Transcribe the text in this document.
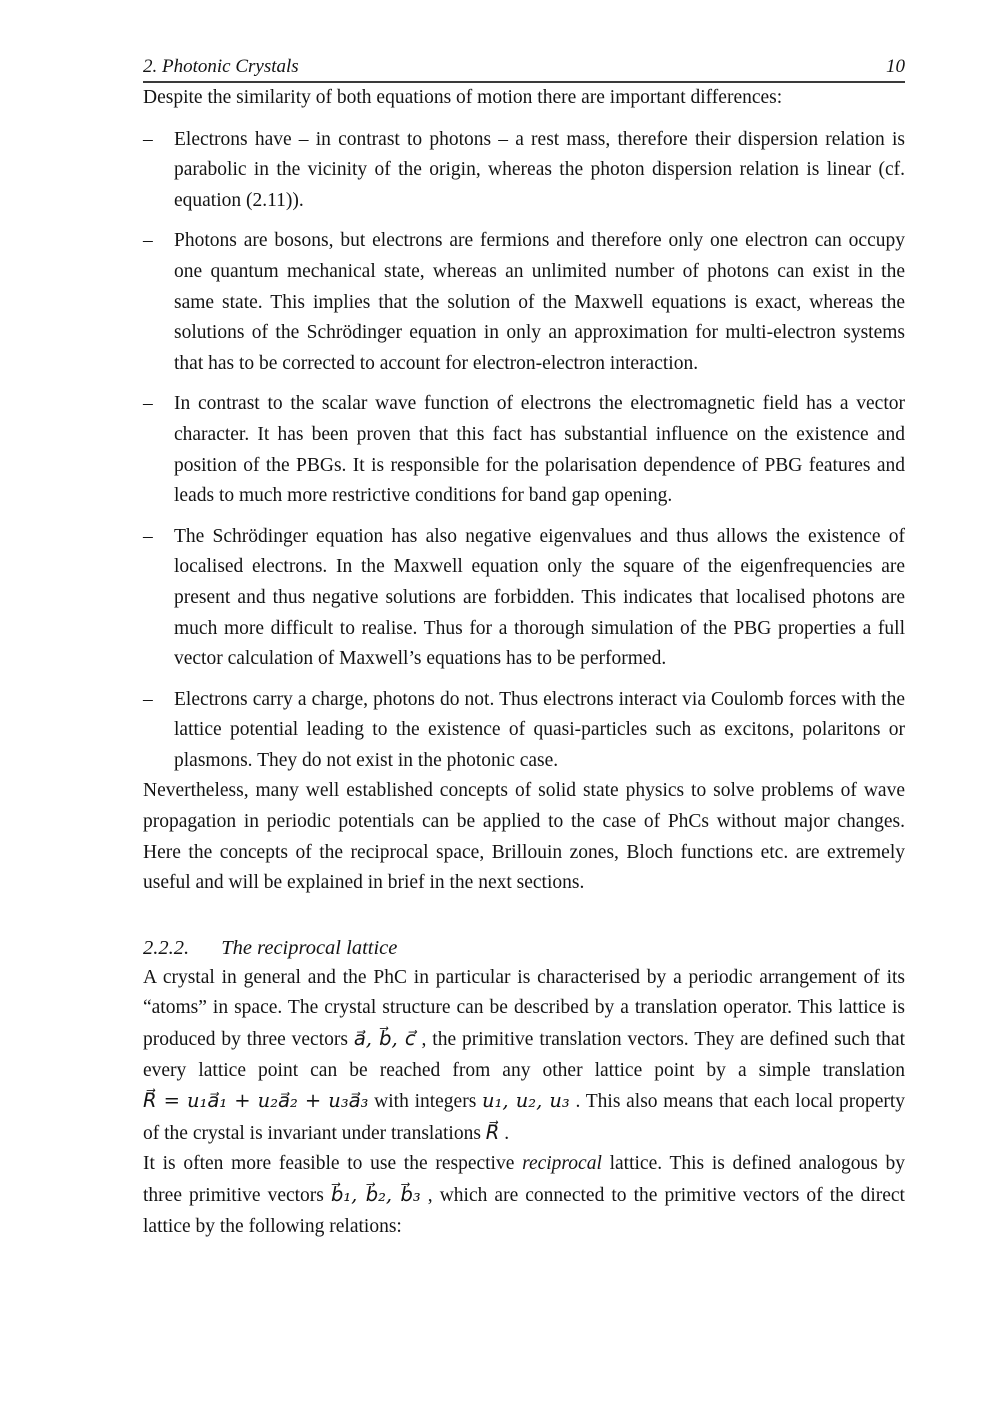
2. Photonic Crystals	10

Despite the similarity of both equations of motion there are important differences:

– Electrons have – in contrast to photons – a rest mass, therefore their dispersion relation is parabolic in the vicinity of the origin, whereas the photon dispersion relation is linear (cf. equation (2.11)).
– Photons are bosons, but electrons are fermions and therefore only one electron can occupy one quantum mechanical state, whereas an unlimited number of photons can exist in the same state. This implies that the solution of the Maxwell equations is exact, whereas the solutions of the Schrödinger equation in only an approximation for multi-electron systems that has to be corrected to account for electron-electron interaction.
– In contrast to the scalar wave function of electrons the electromagnetic field has a vector character. It has been proven that this fact has substantial influence on the existence and position of the PBGs. It is responsible for the polarisation dependence of PBG features and leads to much more restrictive conditions for band gap opening.
– The Schrödinger equation has also negative eigenvalues and thus allows the existence of localised electrons. In the Maxwell equation only the square of the eigenfrequencies are present and thus negative solutions are forbidden. This indicates that localised photons are much more difficult to realise. Thus for a thorough simulation of the PBG properties a full vector calculation of Maxwell’s equations has to be performed.
– Electrons carry a charge, photons do not. Thus electrons interact via Coulomb forces with the lattice potential leading to the existence of quasi-particles such as excitons, polaritons or plasmons. They do not exist in the photonic case.

Nevertheless, many well established concepts of solid state physics to solve problems of wave propagation in periodic potentials can be applied to the case of PhCs without major changes. Here the concepts of the reciprocal space, Brillouin zones, Bloch functions etc. are extremely useful and will be explained in brief in the next sections.

2.2.2. The reciprocal lattice

A crystal in general and the PhC in particular is characterised by a periodic arrangement of its “atoms” in space. The crystal structure can be described by a translation operator. This lattice is produced by three vectors a⃗, b⃗, c⃗ , the primitive translation vectors. They are defined such that every lattice point can be reached from any other lattice point by a simple translation R⃗ = u₁a⃗₁ + u₂a⃗₂ + u₃a⃗₃ with integers u₁, u₂, u₃ . This also means that each local property of the crystal is invariant under translations R⃗ .

It is often more feasible to use the respective reciprocal lattice. This is defined analogous by three primitive vectors b⃗₁, b⃗₂, b⃗₃ , which are connected to the primitive vectors of the direct lattice by the following relations:
